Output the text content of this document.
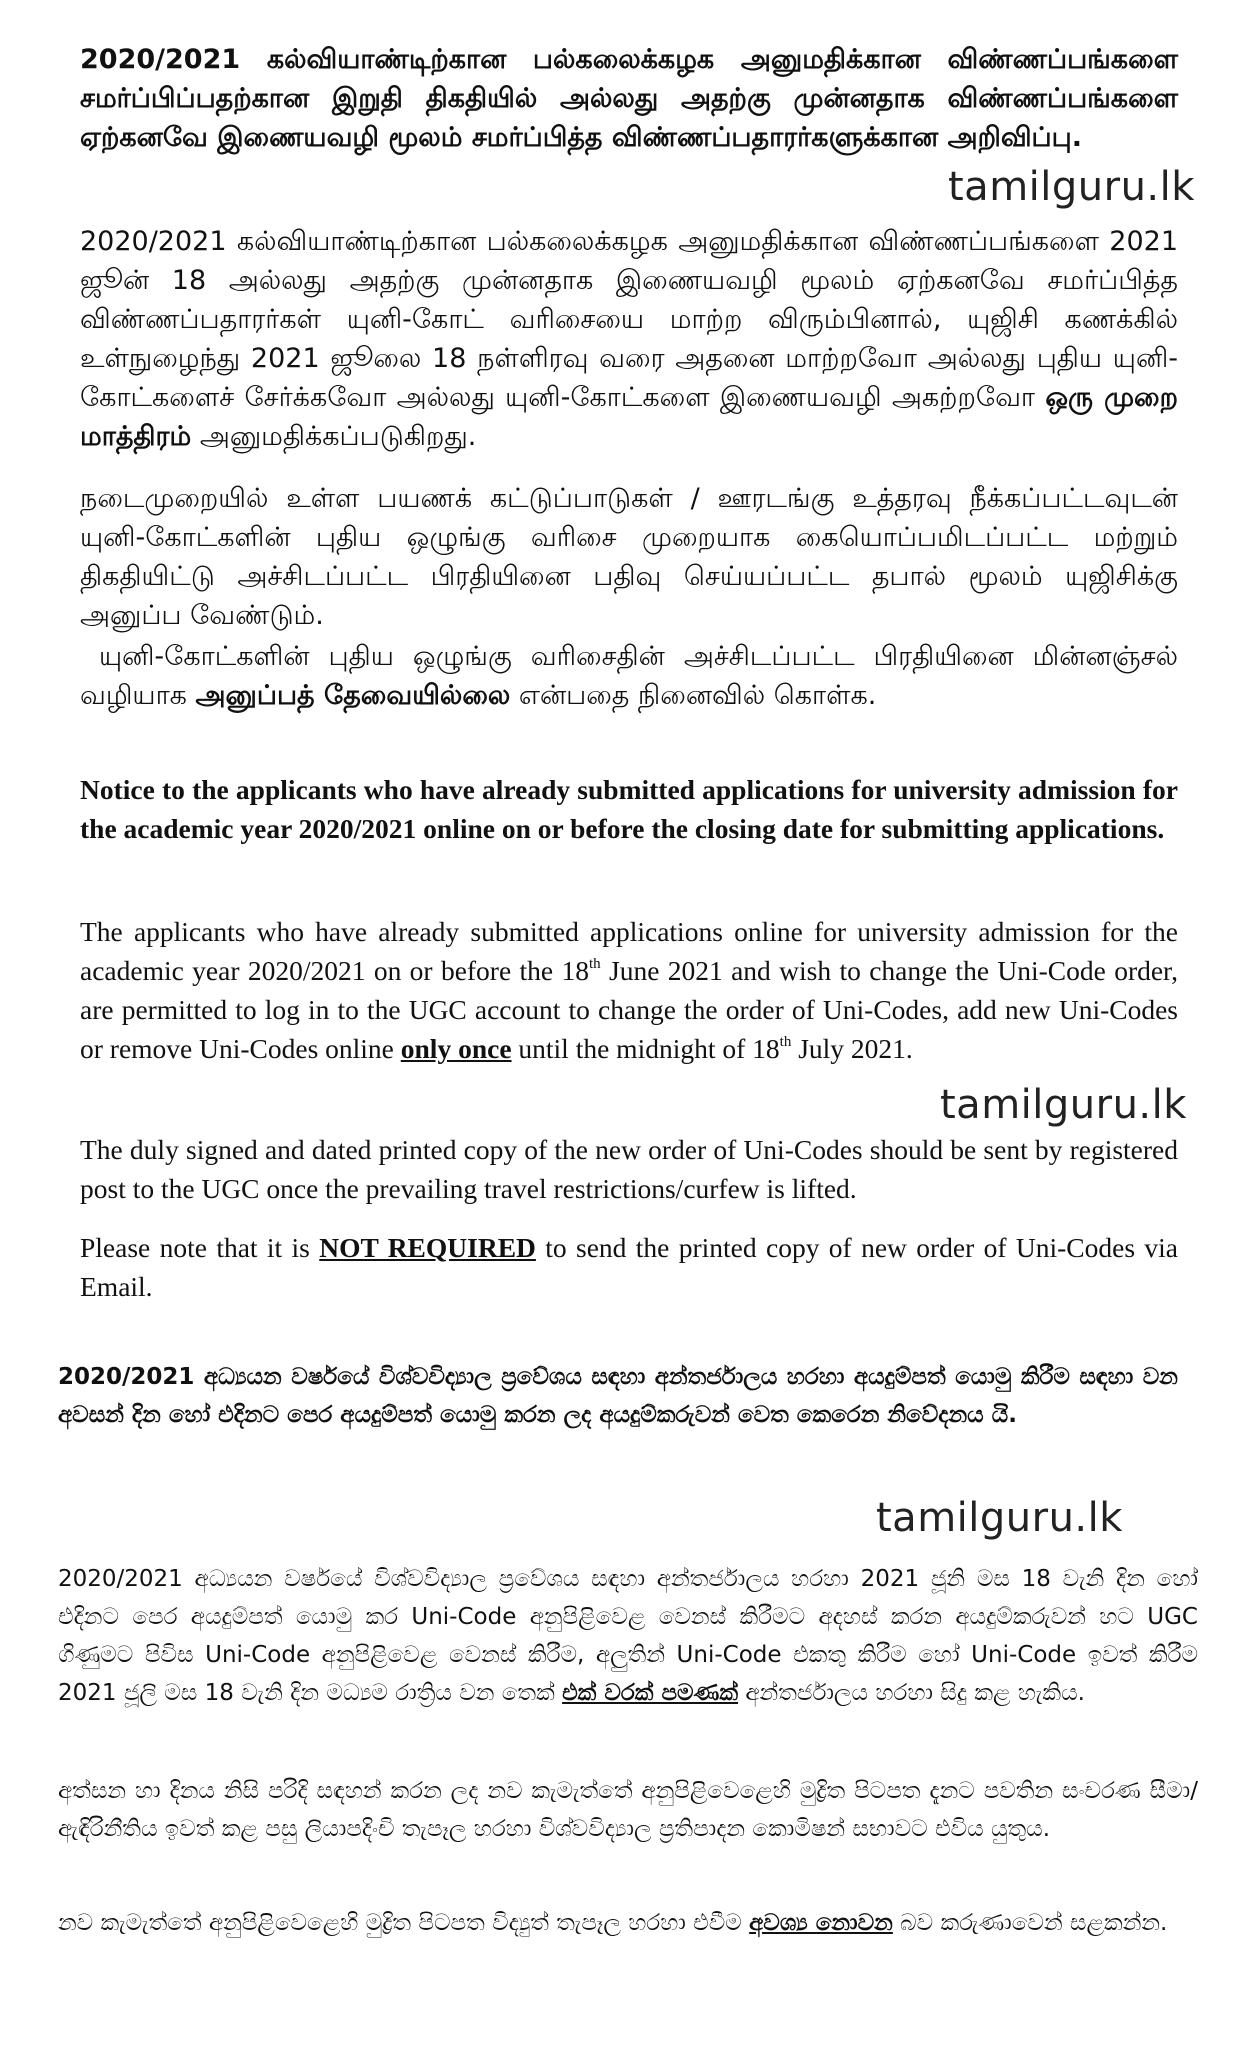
2020/2021 கல்வியாண்டிற்கான பல்கலைக்கழக அனுமதிக்கான விண்ணப்பங்களை சமர்ப்பிப்பதற்கான இறுதி திகதியில் அல்லது அதற்கு முன்னதாக விண்ணப்பங்களை ஏற்கனவே இணையவழி மூலம் சமர்ப்பித்த விண்ணப்பதாரர்களுக்கான அறிவிப்பு.

tamilguru.lk

2020/2021 கல்வியாண்டிற்கான பல்கலைக்கழக அனுமதிக்கான விண்ணப்பங்களை 2021 ஜூன் 18 அல்லது அதற்கு முன்னதாக இணையவழி மூலம் ஏற்கனவே சமர்ப்பித்த விண்ணப்பதாரர்கள் யுனி-கோட் வரிசையை மாற்ற விரும்பினால், யுஜிசி கணக்கில் உள்நுழைந்து 2021 ஜூலை 18 நள்ளிரவு வரை அதனை மாற்றவோ அல்லது புதிய யுனி-கோட்களைச் சேர்க்கவோ அல்லது யுனி-கோட்களை இணையவழி அகற்றவோ ஒரு முறை மாத்திரம் அனுமதிக்கப்படுகிறது.

நடைமுறையில் உள்ள பயணக் கட்டுப்பாடுகள் / ஊரடங்கு உத்தரவு நீக்கப்பட்டவுடன் யுனி-கோட்களின் புதிய ஒழுங்கு வரிசை முறையாக கையொப்பமிடப்பட்ட மற்றும் திகதியிட்டு அச்சிடப்பட்ட பிரதியினை பதிவு செய்யப்பட்ட தபால் மூலம் யுஜிசிக்கு அனுப்ப வேண்டும்.

யுனி-கோட்களின் புதிய ஒழுங்கு வரிசைதின் அச்சிடப்பட்ட பிரதியினை மின்னஞ்சல் வழியாக அனுப்பத் தேவையில்லை என்பதை நினைவில் கொள்க.

Notice to the applicants who have already submitted applications for university admission for the academic year 2020/2021 online on or before the closing date for submitting applications.

The applicants who have already submitted applications online for university admission for the academic year 2020/2021 on or before the 18th June 2021 and wish to change the Uni-Code order, are permitted to log in to the UGC account to change the order of Uni-Codes, add new Uni-Codes or remove Uni-Codes online only once until the midnight of 18th July 2021.

tamilguru.lk

The duly signed and dated printed copy of the new order of Uni-Codes should be sent by registered post to the UGC once the prevailing travel restrictions/curfew is lifted.

Please note that it is NOT REQUIRED to send the printed copy of new order of Uni-Codes via Email.

2020/2021 අධ්‍යයන වර්ෂයේ විශ්වවිද්‍යාල ප්‍රවේශය සඳහා අන්තර්ජාලය හරහා අයදුම්පත් යොමු කිරීම සඳහා වන අවසන් දින හෝ එදිනට පෙර අයදුම්පත් යොමු කරන ලද අයදුම්කරුවන් වෙත කෙරෙන නිවේදනය යි.

tamilguru.lk

2020/2021 අධ්‍යයන වර්ෂයේ විශ්වවිද්‍යාල ප්‍රවේශය සඳහා අන්තර්ජාලය හරහා 2021 ජූනි මස 18 වැනි දින හෝ එදිනට පෙර අයදුම්පත් යොමු කර Uni-Code අනුපිළිවෙළ වෙනස් කිරීමට අදහස් කරන අයදුම්කරුවන් හට UGC ගිණුමට පිවිස Uni-Code අනුපිළිවෙළ වෙනස් කිරීම, අලුතින් Uni-Code එකතු කිරීම හෝ Uni-Code ඉවත් කිරීම 2021 ජූලි මස 18 වැනි දින මධ්‍යම රාත්‍රිය වන තෙක් එක් වරක් පමණක් අන්තර්ජාලය හරහා සිදු කළ හැකිය.

අත්සන හා දිනය නිසි පරිදි සඳහන් කරන ලද නව කැමැත්තේ අනුපිළිවෙළෙහි මුද්‍රිත පිටපත දැනට පවතින සංචරණ සීමා/ඇඳිරිනීතිය ඉවත් කළ පසු ලියාපදිංචි තැපෑල හරහා විශ්වවිද්‍යාල ප්‍රතිපාදන කොමිෂන් සභාවට එවිය යුතුය.

නව කැමැත්තේ අනුපිළිවෙළෙහි මුද්‍රිත පිටපත විද්‍යුත් තැපෑල හරහා එවීම අවශ්‍ය නොවන බව කරුණාවෙන් සළකන්න.
